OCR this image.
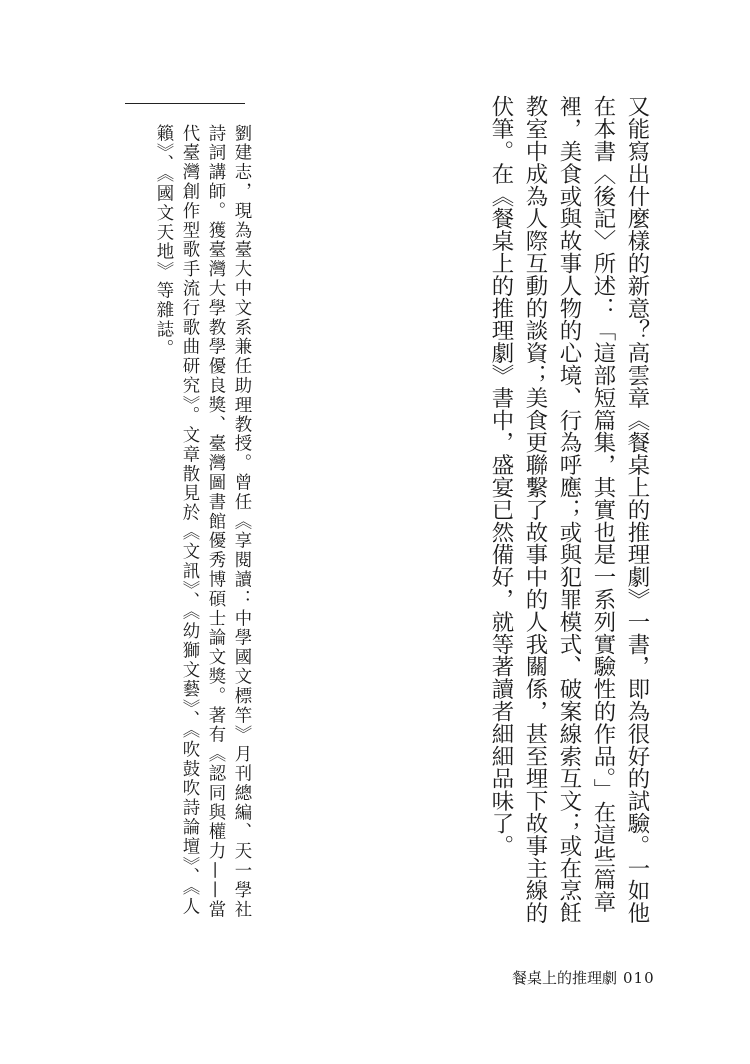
又能寫出什麼樣的新意？高雲章《餐桌上的推理劇》一書，即為很好的試驗。一如他在本書〈後記〉所述：「這部短篇集，其實也是一系列實驗性的作品。」在這些篇章裡，美食或與故事人物的心境、行為呼應；或與犯罪模式、破案線索互文；或在烹飪教室中成為人際互動的談資；美食更聯繫了故事中的人我關係，甚至埋下故事主線的伏筆。在《餐桌上的推理劇》書中，盛宴已然備好，就等著讀者細細品味了。

劉建志，現為臺大中文系兼任助理教授。曾任《享閱讀：中學國文標竿》月刊總編、天一學社詩詞講師。獲臺灣大學教學優良獎、臺灣圖書館優秀博碩士論文獎。著有《認同與權力——當代臺灣創作型歌手流行歌曲研究》。文章散見於《文訊》、《幼獅文藝》、《吹鼓吹詩論壇》、《人籟》、《國文天地》等雜誌。

餐桌上的推理劇 010
